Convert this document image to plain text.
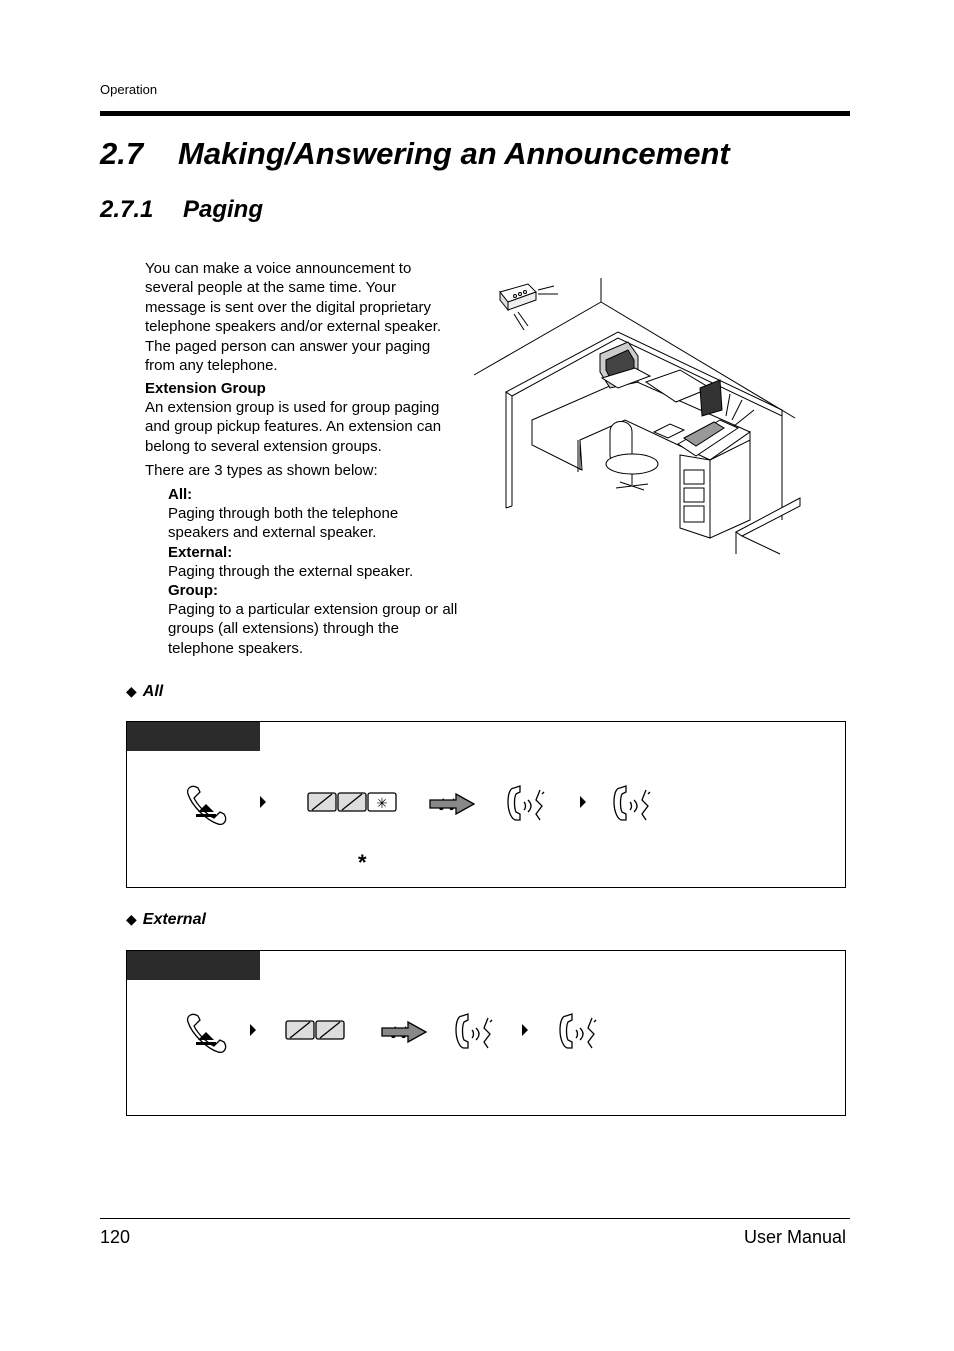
Operation
2.7 Making/Answering an Announcement
2.7.1 Paging
You can make a voice announcement to several people at the same time. Your message is sent over the digital proprietary telephone speakers and/or external speaker. The paged person can answer your paging from any telephone.
Extension Group
An extension group is used for group paging and group pickup features. An extension can belong to several extension groups.
There are 3 types as shown below:
All:
Paging through both the telephone speakers and external speaker.
External:
Paging through the external speaker.
Group:
Paging to a particular extension group or all groups (all extensions) through the telephone speakers.
◆ All
✳
*
◆ External
120	User Manual
